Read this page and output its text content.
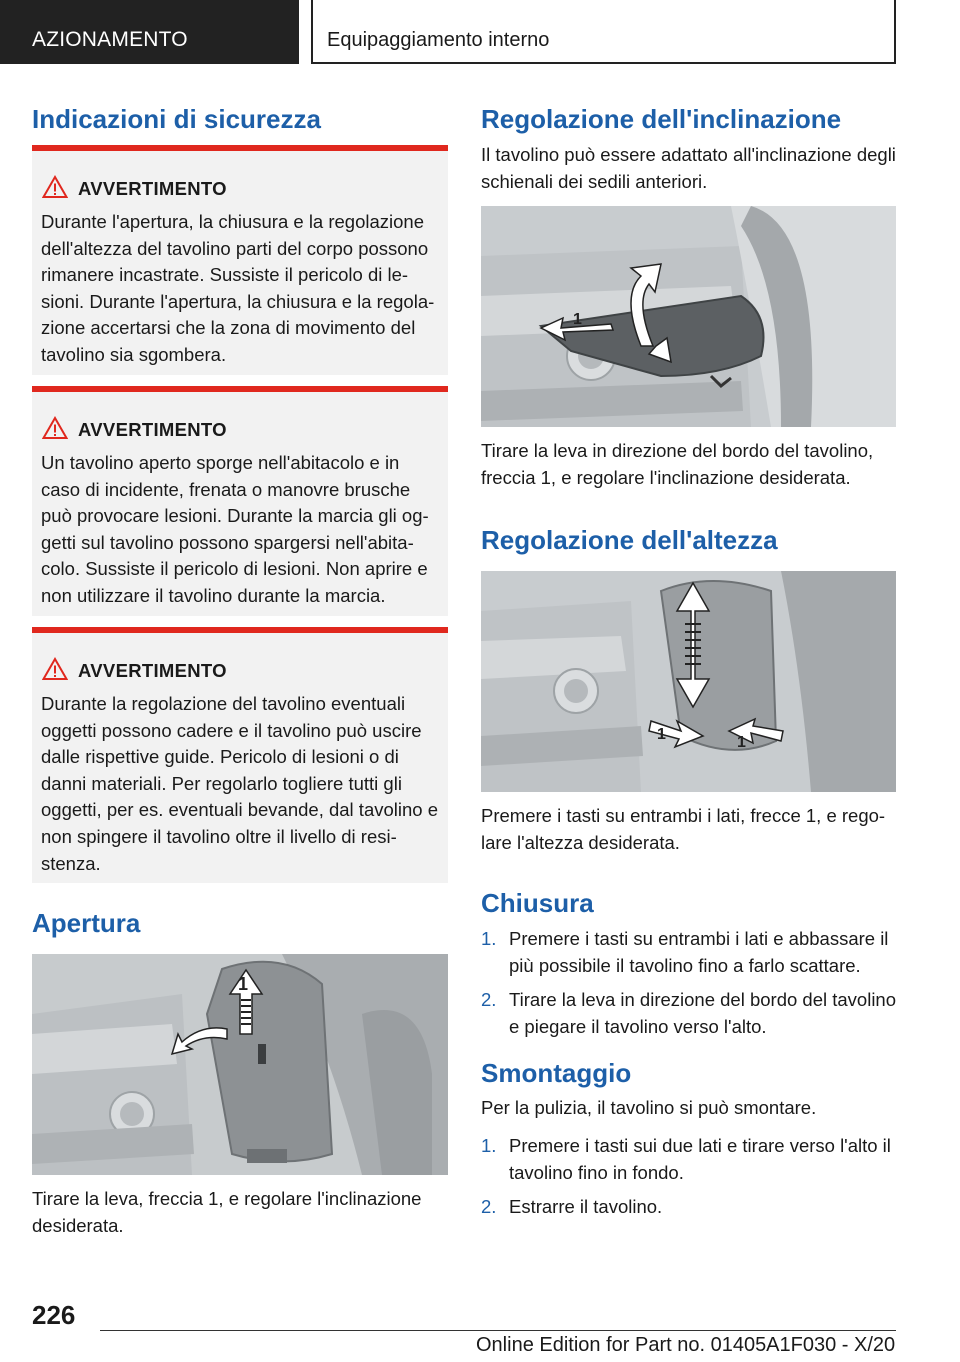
AZIONAMENTO	Equipaggiamento interno
Indicazioni di sicurezza
AVVERTIMENTO
Durante l'apertura, la chiusura e la regolazione dell'altezza del tavolino parti del corpo possono rimanere incastrate. Sussiste il pericolo di lesioni. Durante l'apertura, la chiusura e la regolazione accertarsi che la zona di movimento del tavolino sia sgombera.
AVVERTIMENTO
Un tavolino aperto sporge nell'abitacolo e in caso di incidente, frenata o manovre brusche può provocare lesioni. Durante la marcia gli oggetti sul tavolino possono spargersi nell'abitacolo. Sussiste il pericolo di lesioni. Non aprire e non utilizzare il tavolino durante la marcia.
AVVERTIMENTO
Durante la regolazione del tavolino eventuali oggetti possono cadere e il tavolino può uscire dalle rispettive guide. Pericolo di lesioni o di danni materiali. Per regolarlo togliere tutti gli oggetti, per es. eventuali bevande, dal tavolino e non spingere il tavolino oltre il livello di resistenza.
Apertura
1

Tirare la leva, freccia 1, e regolare l'inclinazione desiderata.

Regolazione dell'inclinazione

Il tavolino può essere adattato all'inclinazione degli schienali dei sedili anteriori.

1

Tirare la leva in direzione del bordo del tavolino, freccia 1, e regolare l'inclinazione desiderata.

Regolazione dell'altezza
1	1

Premere i tasti su entrambi i lati, frecce 1, e regolare l'altezza desiderata.

Chiusura
1. Premere i tasti su entrambi i lati e abbassare il più possibile il tavolino fino a farlo scattare.
2. Tirare la leva in direzione del bordo del tavolino e piegare il tavolino verso l'alto.
Smontaggio

Per la pulizia, il tavolino si può smontare.

1. Premere i tasti sui due lati e tirare verso l'alto il tavolino fino in fondo.
2. Estrarre il tavolino.
226
Online Edition for Part no. 01405A1F030 - X/20
